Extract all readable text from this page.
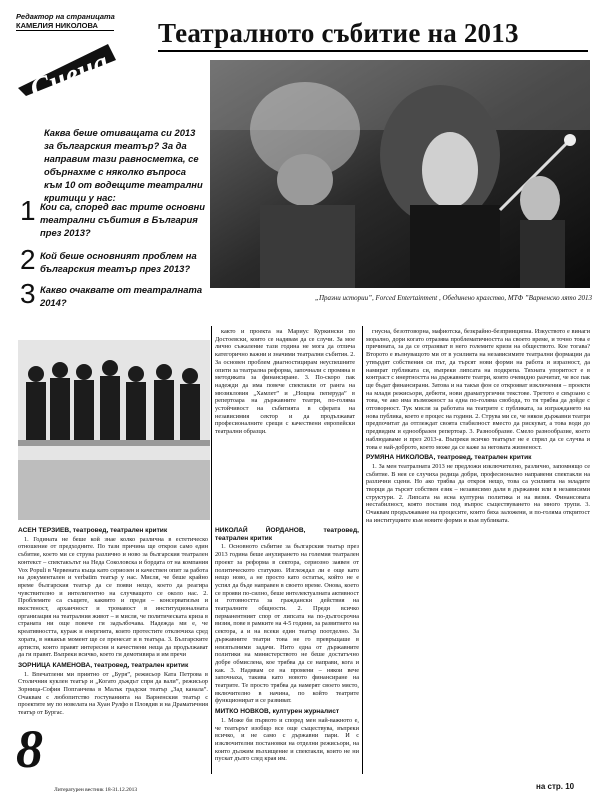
Редактор на страницата
КАМЕЛИЯ НИКОЛОВА
Сцена
Театралното събитие на 2013
„Празни истории”, Forced Entertainment , Обединено кралство, МТФ ”Варненско лято 2013
Каква беше отиващата си 2013 за българския театър? За да направим тази равносметка, се обърнахме с няколко въпроса към 10 от водещите театрални критици у нас:
1 Кои са, според вас трите основни театрални събития в България през 2013?
2 Кой беше основният проблем на българския театър през 2013?
3 Какво очаквате от театралната 2014?

както и проекта на Мариус Куркински по Достоевски, които се надявам да се случи. За мое лично съжаление тази година не мога да отличa категорично важни и значими театрални събития. 2. За основен проблем диагностицирам неуспешните опити за театрална реформа, започнали с промяна в методиката за финансиране. 3. По-скоро пак надежди да има повече спектакли от ранга на мюзикловия „Хамлет” и „Нощна пеперуда” в репертоара на държавните театри, по-голяма устойчивост на събитията в сферата на независимия сектор и да продължават професионалните срещи с качествени европейски театрални образци.

АСЕН ТЕРЗИЕВ, театровед, театрален критик

1. Годината не беше кой знае колко различна в естетическо отношение от предходните. По тази причина ще открои само един събитие, което ми се струва различно и ново за българския театрален контекст – спектакълът на Неда Соколовска и бордата от на компания Vox Populi в Червената къща като сериозен и качествен опит за работа на документален и verbatim театър у нас. Мисля, че беше крайно време българския театър да се появи нещо, което да реагира чувствително и интелигентно на случващото се около нас. 2. Проблемите са същите, каквито и преди – консерватизъм и вкостеност, архаичност и тромавост в институционалната организация на театралния живот – и мисля, че политическата криза в страната ни още повече ги задълбочава. Надежда ми е, че креативността, кураж и енергията, които протестите отключиха сред хората, в някакъв момент ще се пренесат и в театъра. 3. Българските артисти, които правят интересни и качествени неща да продължават да ги правят. Въпреки всичко, което ги демотивира и им пречи

ЗОРНИЦА КАМЕНОВА, театровед, театрален критик

1. Впечатлени ми приятно от „Буря”, режисьор Ката Петрова в Столичния куклен театър и „Когато дъждът спря да вали”, режисьор Зорница-София Попганчева в Малък градски театър „Зад канала”. Очаквам с любопитство гостуванията на Варненския театър с проектите му по новелата на Хуан Рулфо в Пловдив и на Драматичния театър от Бургас.

НИКОЛАЙ ЙОРДАНОВ, театровед, театрален критик

1. Основното събитие за българския театър през 2013 година беше анулирането на големия театрален проект за реформа в сектора, сериозно заявен от политическото статукво. Изглеждал ли е още като нещо ново, а не просто като остатък, който не е успял да бъде направен в своето време. Онова, което се прояви по-силно, беше интелектуалната активност и готовността за граждански действия на театралните общности. 2. Преди всичко перманентният спор от липсата на по-дългосрочна визия, пове в рамките на 4-5 години, за развитието на сектора, а и на всеки един театър поотделно. За държавните театри това не го превръщаше в неизпълними задачи. Нито една от държавните политики на министерството не беше достатъчно добре обмислена, кое трябва да се направи, кога и как. 3. Надявам се на промени – някои вече започнаха, такива като новото финансиране на театрите. Те просто трябва да намерят своето място, включително в начина, по който театрите функционират и се развиват.

МИТКО НОВКОВ, културен журналист

1. Може би първото и според мен най-важното е, че театърът изобщо все още съществува, въпреки всичко, и не само с държавни пари. И с изключителни постановки на отделни режисьори, на които дължим възхищение и спектакли, които не ни пускат дълго след края им.

гнусна, безотговорна, мафиотска, безкрайно-безпринципна. Изкуството е винаги морално, дори когато отразява проблематичността на своето време, и точно това е причината, за да се отразяват в него големите кризи на обществото. Кое тогава? Второто е вълнуващото ми от в усилията на независимите театрални формации да утвърдят собствения си път, да търсят нови форми на работа и изразност, да намират публиката си, въпреки липсата на подкрепа. Тяхната упоритост е в контраст с инертността на държавните театри, които очевидно разчитат, че все пак ще бъдат финансирани. Затова и на такъв фон се открояват изключения – проекти на млади режисьори, дебюти, нови драматургични текстове. Третото е свързано с това, че ако има възможност за една по-голяма свобода, то тя трябва да дойде с отговорност. Тук мисля за работата на театрите с публиката, за изграждането на нова публика, което е процес на години. 2. Струва ми се, че някои държавни театри предпочитат да отглеждат своята стабилност вместо да рискуват, а това води до предвидим и еднообразен репертоар. 3. Разнообразие. Смело разнообразие, което наблюдаваме и през 2013-а. Въпреки всичко театърът не е спрял да се случва и това е най-доброто, което може да се каже за неговата жизненост.

РУМЯНА НИКОЛОВА, театровед, театрален критик

1. За мен театралната 2013 не предложи изключително, различно, запомнящо се събитие. В нея се случиха редица добри, професионално направени спектакли на различни сцени. Но ако трябва да откроя нещо, това са усилията на младите творци да търсят собствен език – независимо дали в държавни или в независими структури. 2. Липсата на ясна културна политика и на визия. Финансовата нестабилност, която поставя под въпрос съществуването на много трупи. 3. Очаквам продължаване на процесите, които бяха заложени, и по-голяма откритост на институциите към новите форми и към публиката.

8
Литературен вестник 18-31.12.2013	на стр. 10
